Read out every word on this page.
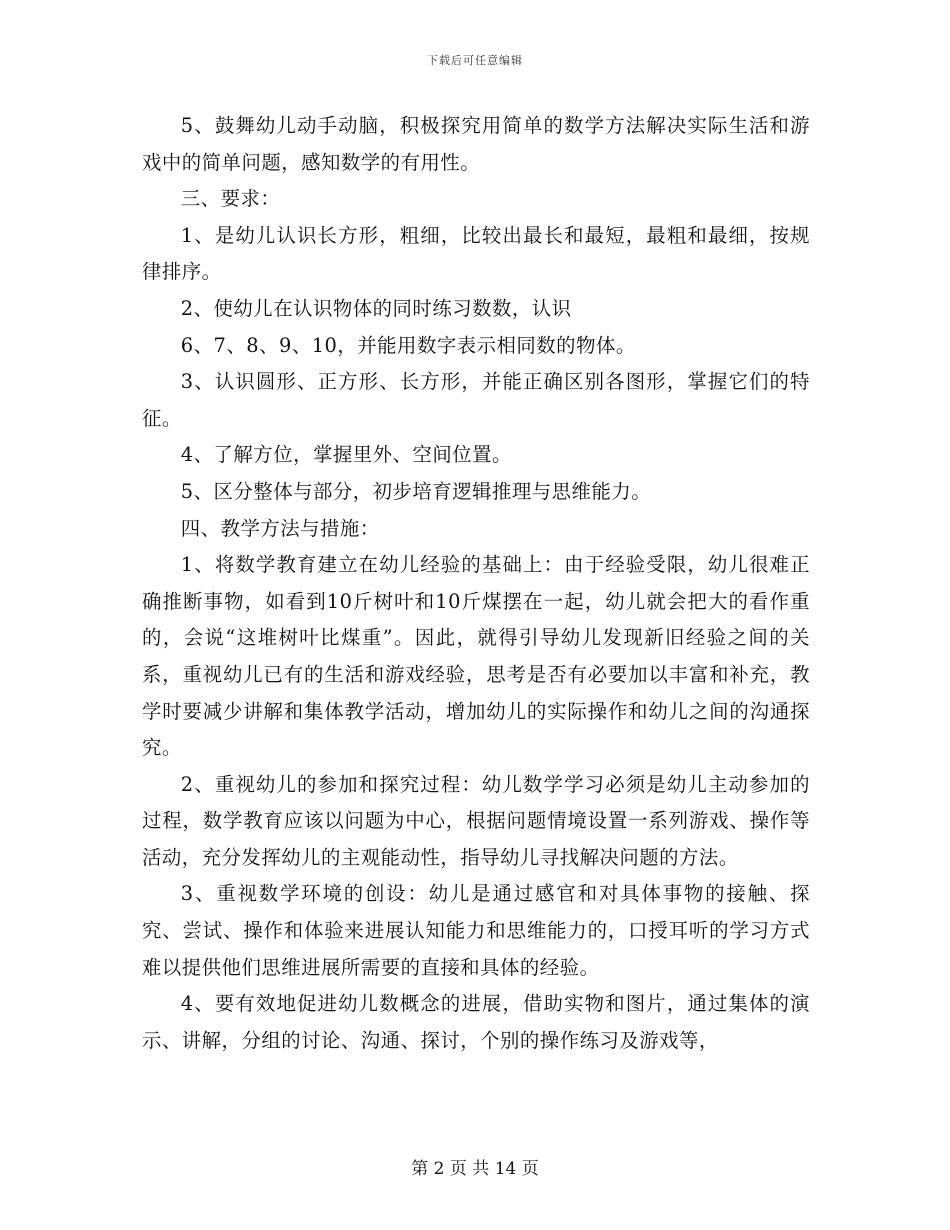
下载后可任意编辑

5、鼓舞幼儿动手动脑，积极探究用简单的数学方法解决实际生活和游戏中的简单问题，感知数学的有用性。

三、要求：

1、是幼儿认识长方形，粗细，比较出最长和最短，最粗和最细，按规律排序。

2、使幼儿在认识物体的同时练习数数，认识

6、7、8、9、10，并能用数字表示相同数的物体。

3、认识圆形、正方形、长方形，并能正确区别各图形，掌握它们的特征。

4、了解方位，掌握里外、空间位置。

5、区分整体与部分，初步培育逻辑推理与思维能力。

四、教学方法与措施：

1、将数学教育建立在幼儿经验的基础上：由于经验受限，幼儿很难正确推断事物，如看到10斤树叶和10斤煤摆在一起，幼儿就会把大的看作重的，会说“这堆树叶比煤重”。因此，就得引导幼儿发现新旧经验之间的关系，重视幼儿已有的生活和游戏经验，思考是否有必要加以丰富和补充，教学时要减少讲解和集体教学活动，增加幼儿的实际操作和幼儿之间的沟通探究。

2、重视幼儿的参加和探究过程：幼儿数学学习必须是幼儿主动参加的过程，数学教育应该以问题为中心，根据问题情境设置一系列游戏、操作等活动，充分发挥幼儿的主观能动性，指导幼儿寻找解决问题的方法。

3、重视数学环境的创设：幼儿是通过感官和对具体事物的接触、探究、尝试、操作和体验来进展认知能力和思维能力的，口授耳听的学习方式难以提供他们思维进展所需要的直接和具体的经验。

4、要有效地促进幼儿数概念的进展，借助实物和图片，通过集体的演示、讲解，分组的讨论、沟通、探讨，个别的操作练习及游戏等，

第 2 页 共 14 页
